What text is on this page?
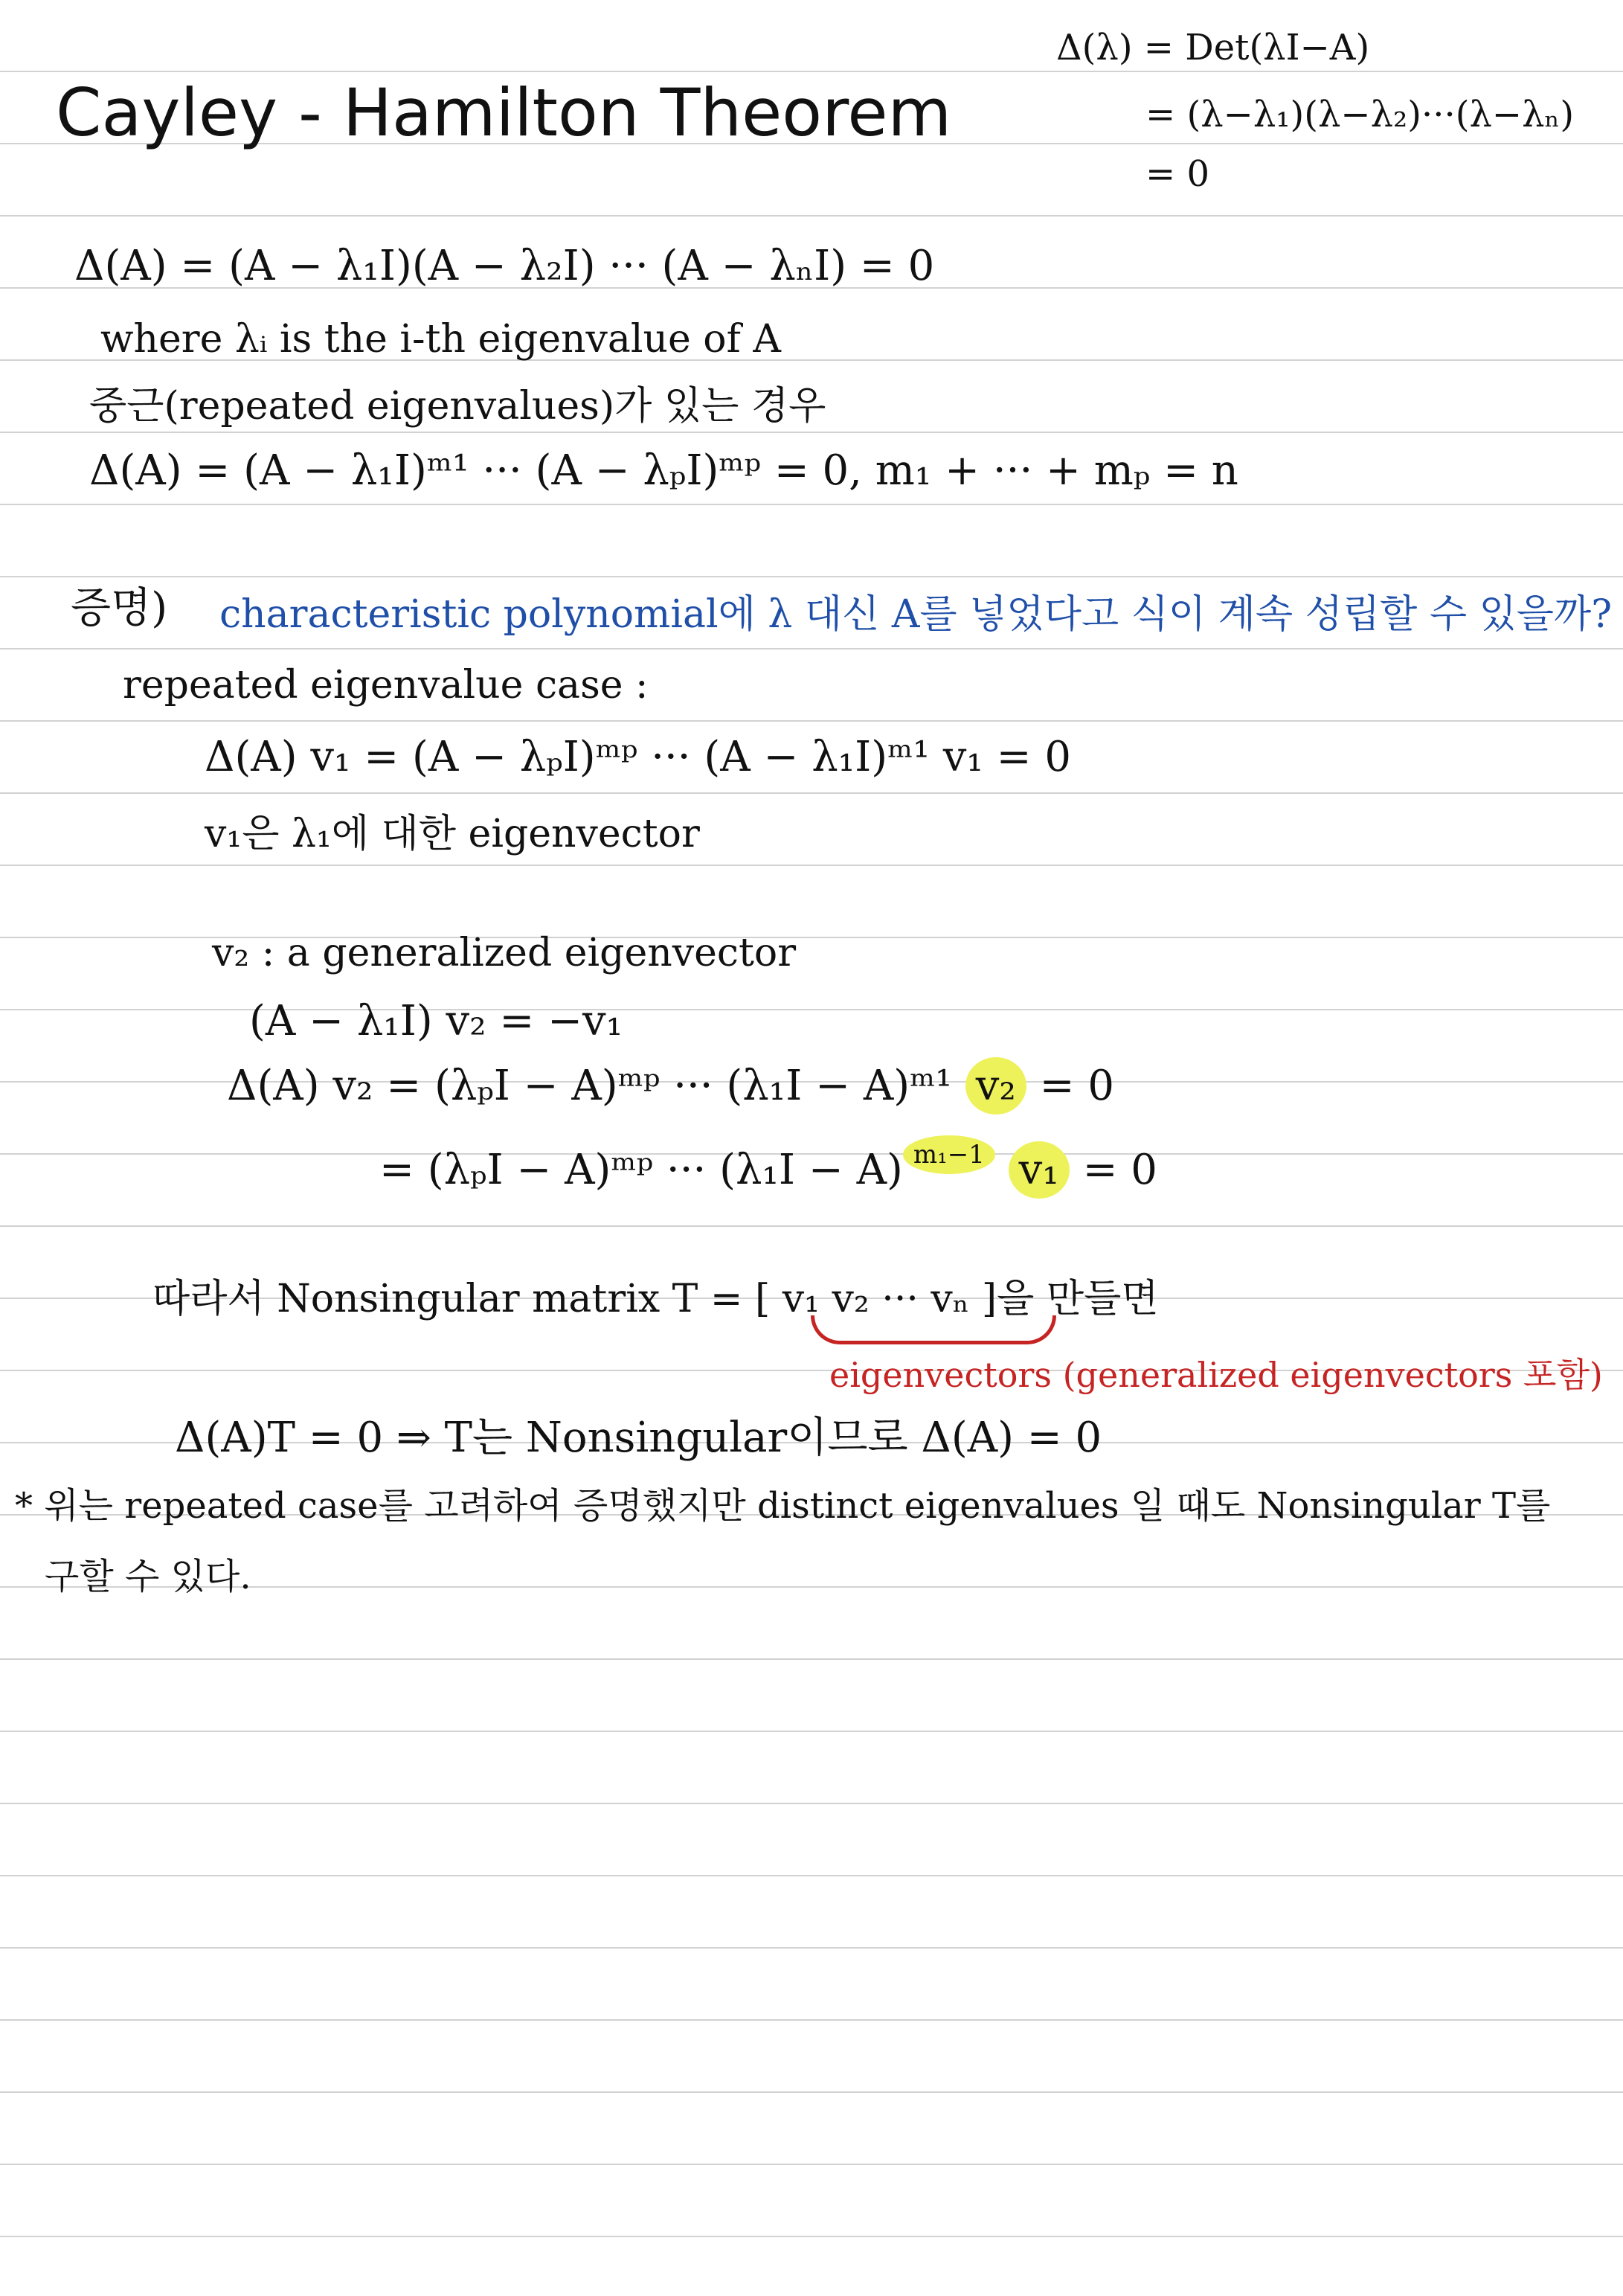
Cayley - Hamilton Theorem
Δ(λ) = Det(λI−A)
= (λ−λ₁)(λ−λ₂)···(λ−λₙ)
= 0
Δ(A) = (A − λ₁I)(A − λ₂I) ··· (A − λₙI) = 0
where λᵢ is the i-th eigenvalue of A
중근(repeated eigenvalues)가 있는 경우
Δ(A) = (A − λ₁I)ᵐ¹ ··· (A − λₚI)ᵐᵖ = 0, m₁ + ··· + mₚ = n
증명) characteristic polynomial에 λ 대신 A를 넣었다고 식이 계속 성립할 수 있을까?
repeated eigenvalue case :
Δ(A) v₁ = (A − λₚI)ᵐᵖ ··· (A − λ₁I)ᵐ¹ v₁ = 0
v₁은 λ₁에 대한 eigenvector
v₂ : a generalized eigenvector
(A − λ₁I) v₂ = −v₁
Δ(A) v₂ = (λₚI − A)ᵐᵖ ··· (λ₁I − A)ᵐ¹ v₂ = 0
= (λₚI − A)ᵐᵖ ··· (λ₁I − A) $^{m_1-1}$ v₁ = 0
따라서 Nonsingular matrix T = [ v₁ v₂ ··· vₙ ]을 만들면
eigenvectors (generalized eigenvectors 포함)
Δ(A)T = 0 ⇒ T는 Nonsingular이므로 Δ(A) = 0
* 위는 repeated case를 고려하여 증명했지만 distinct eigenvalues 일 때도 Nonsingular T를
구할 수 있다.
